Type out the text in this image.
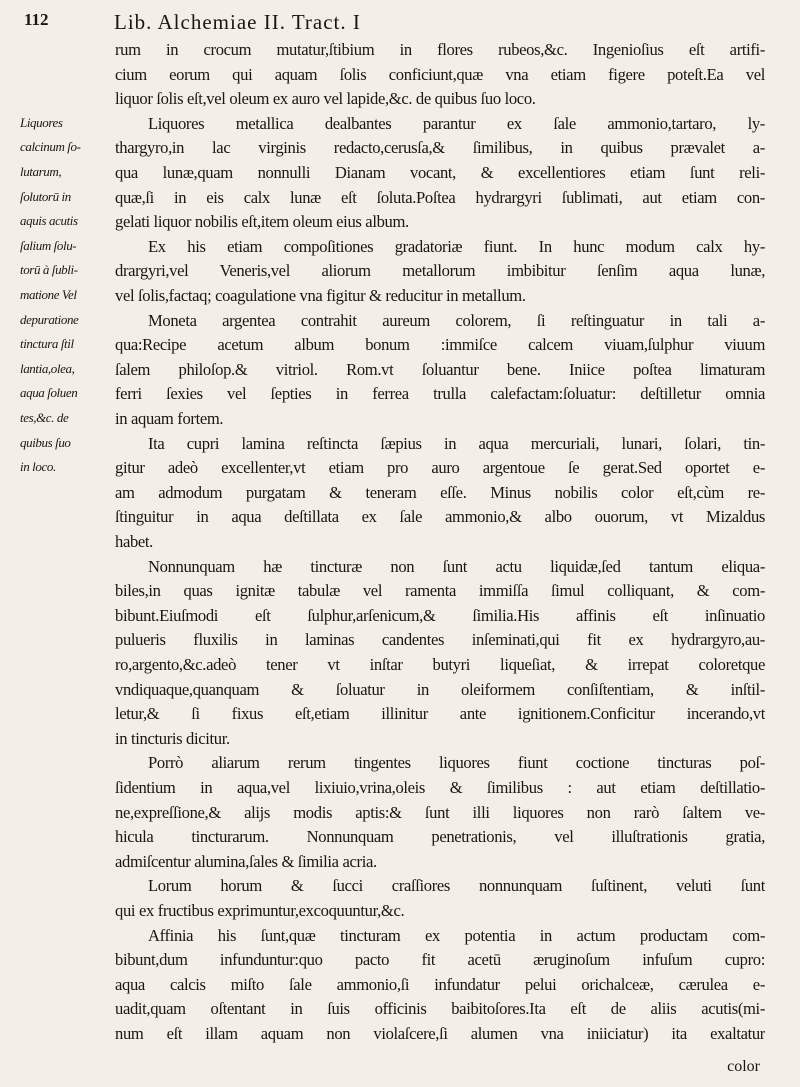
112	Lib. Alchemiae II. Tract. I
rum in crocum mutatur,ſtibium in flores rubeos,&c. Ingenioſius eſt artifi-
cium eorum qui aquam ſolis conficiunt,quæ vna etiam figere poteſt.Ea vel
liquor ſolis eſt,vel oleum ex auro vel lapide,&c. de quibus ſuo loco.
Liquores	Liquores metallica dealbantes parantur ex ſale ammonio,tartaro, ly-
calcinum ſo-	thargyro,in lac virginis redacto,cerusſa,& ſimilibus, in quibus prævalet a-
lutarum,	qua lunæ,quam nonnulli Dianam vocant, & excellentiores etiam ſunt reli-
ſolutorū in	quæ,ſi in eis calx lunæ eſt ſoluta.Poſtea hydrargyri ſublimati, aut etiam con-
aquis acutis	gelati liquor nobilis eſt,item oleum eius album.
ſalium ſolu-	Ex his etiam compoſitiones gradatoriæ fiunt. In hunc modum calx hy-
torū à ſubli-	drargyri,vel Veneris,vel aliorum metallorum imbibitur ſenſim aqua lunæ,
matione Vel	vel ſolis,factaq; coagulatione vna figitur & reducitur in metallum.
depuratione	Moneta argentea contrahit aureum colorem, ſi reſtinguatur in tali a-
tinctura ſtil	qua:Recipe acetum album bonum :immiſce calcem viuam,ſulphur viuum
lantia,olea,	ſalem philoſop.& vitriol. Rom.vt ſoluantur bene. Iniice poſtea limaturam
aqua ſoluen	ferri ſexies vel ſepties in ferrea trulla calefactam:ſoluatur: deſtilletur omnia
tes,&c. de	in aquam fortem.
quibus ſuo	Ita cupri lamina reſtincta ſæpius in aqua mercuriali, lunari, ſolari, tin-
in loco.	gitur adeò excellenter,vt etiam pro auro argentoue ſe gerat.Sed oportet e-
am admodum purgatam & teneram eſſe. Minus nobilis color eſt,cùm re-
ſtinguitur in aqua deſtillata ex ſale ammonio,& albo ouorum, vt Mizaldus
habet.
Nonnunquam hæ tincturæ non ſunt actu liquidæ,ſed tantum eliqua-
biles,in quas ignitæ tabulæ vel ramenta immiſſa ſimul colliquant, & com-
bibunt.Eiuſmodi eſt ſulphur,arſenicum,& ſimilia.His affinis eſt inſinuatio
pulueris fluxilis in laminas candentes inſeminati,qui fit ex hydrargyro,au-
ro,argento,&c.adeò tener vt inſtar butyri liqueſiat, & irrepat coloretque
vndiquaque,quanquam & ſoluatur in oleiformem conſiſtentiam, & inſtil-
letur,& ſi fixus eſt,etiam illinitur ante ignitionem.Conficitur incerando,vt
in tincturis dicitur.
Porrò aliarum rerum tingentes liquores fiunt coctione tincturas poſ-
ſidentium in aqua,vel lixiuio,vrina,oleis & ſimilibus : aut etiam deſtillatio-
ne,expreſſione,& alijs modis aptis:& ſunt illi liquores non rarò ſaltem ve-
hicula tincturarum. Nonnunquam penetrationis, vel illuſtrationis gratia,
admiſcentur alumina,ſales & ſimilia acria.
Lorum horum & ſucci craſſiores nonnunquam ſuſtinent, veluti ſunt
qui ex fructibus exprimuntur,excoquuntur,&c.
Affinia his ſunt,quæ tincturam ex potentia in actum productam com-
bibunt,dum infunduntur:quo pacto fit acetū æruginoſum infuſum cupro:
aqua calcis miſto ſale ammonio,ſi infundatur pelui orichalceæ, cærulea e-
uadit,quam oſtentant in ſuis officinis baibitoſores.Ita eſt de aliis acutis(mi-
num eſt illam aquam non violaſcere,ſi alumen vna iniiciatur) ita exaltatur
color
